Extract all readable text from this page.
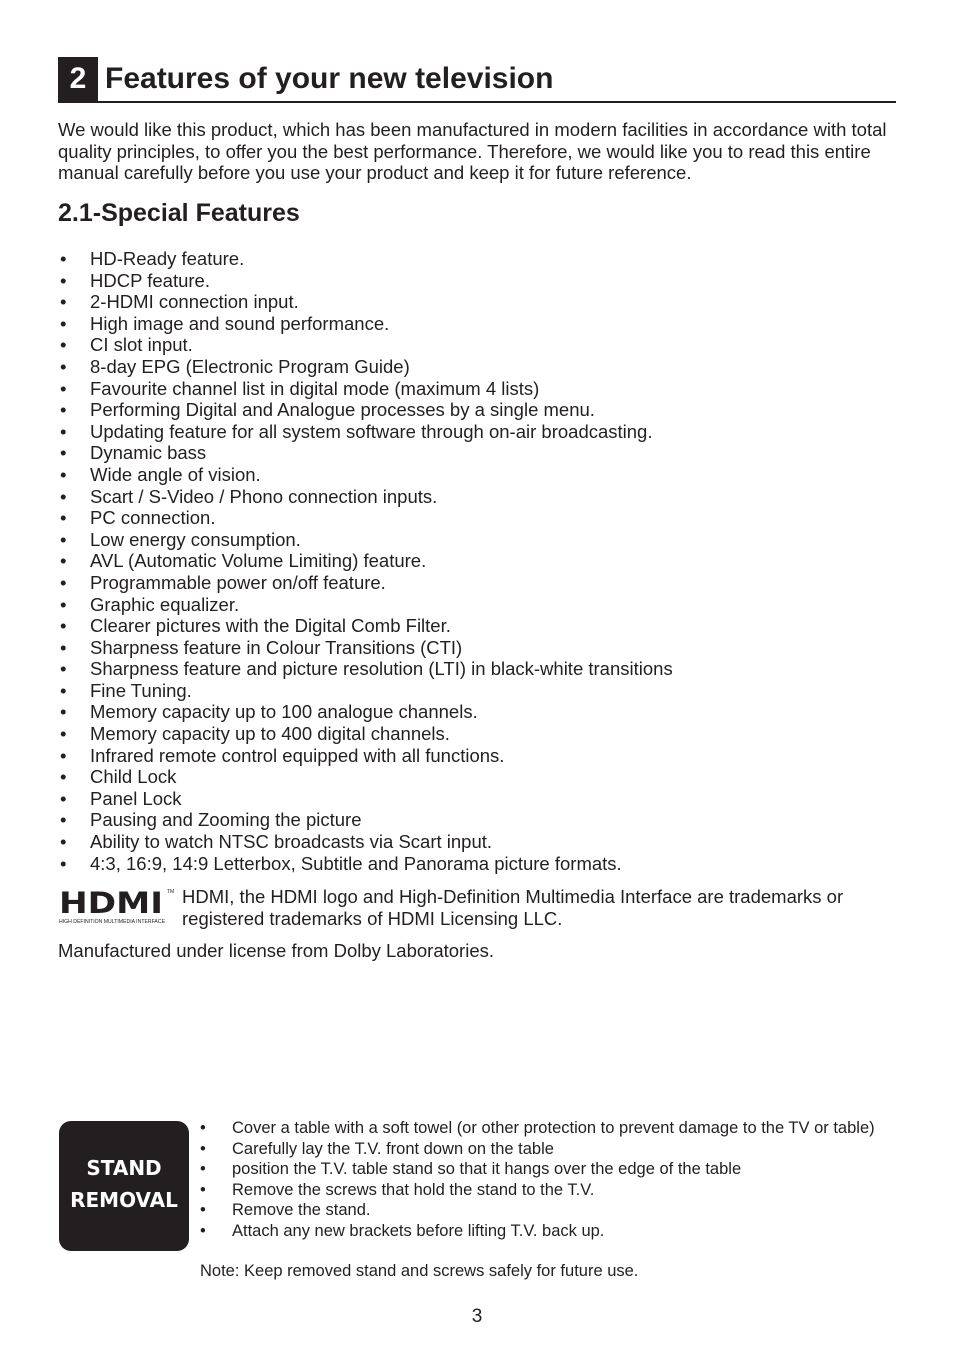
2 Features of your new television

We would like this product, which has been manufactured in modern facilities in accordance with total quality principles, to offer you the best performance. Therefore, we would like you to read this entire manual carefully before you use your product and keep it for future reference.

2.1-Special Features
• HD-Ready feature.
• HDCP feature.
• 2-HDMI connection input.
• High image and sound performance.
• CI slot input.
• 8-day EPG (Electronic Program Guide)
• Favourite channel list in digital mode (maximum 4 lists)
• Performing Digital and Analogue processes by a single menu.
• Updating feature for all system software through on-air broadcasting.
• Dynamic bass
• Wide angle of vision.
• Scart / S-Video / Phono connection inputs.
• PC connection.
• Low energy consumption.
• AVL (Automatic Volume Limiting) feature.
• Programmable power on/off feature.
• Graphic equalizer.
• Clearer pictures with the Digital Comb Filter.
• Sharpness feature in Colour Transitions (CTI)
• Sharpness feature and picture resolution (LTI) in black-white transitions
• Fine Tuning.
• Memory capacity up to 100 analogue channels.
• Memory capacity up to 400 digital channels.
• Infrared remote control equipped with all functions.
• Child Lock
• Panel Lock
• Pausing and Zooming the picture
• Ability to watch NTSC broadcasts via Scart input.
• 4:3, 16:9, 14:9 Letterbox, Subtitle and Panorama picture formats.
HDMI TM
HIGH DEFINITION MULTIMEDIA INTERFACE

HDMI, the HDMI logo and High-Definition Multimedia Interface are trademarks or registered trademarks of HDMI Licensing LLC.

Manufactured under license from Dolby Laboratories.

STAND
REMOVAL
• Cover a table with a soft towel (or other protection to prevent damage to the TV or table)
• Carefully lay the T.V. front down on the table
• position the T.V. table stand so that it hangs over the edge of the table
• Remove the screws that hold the stand to the T.V.
• Remove the stand.
• Attach any new brackets before lifting T.V. back up.

Note: Keep removed stand and screws safely for future use.

3
